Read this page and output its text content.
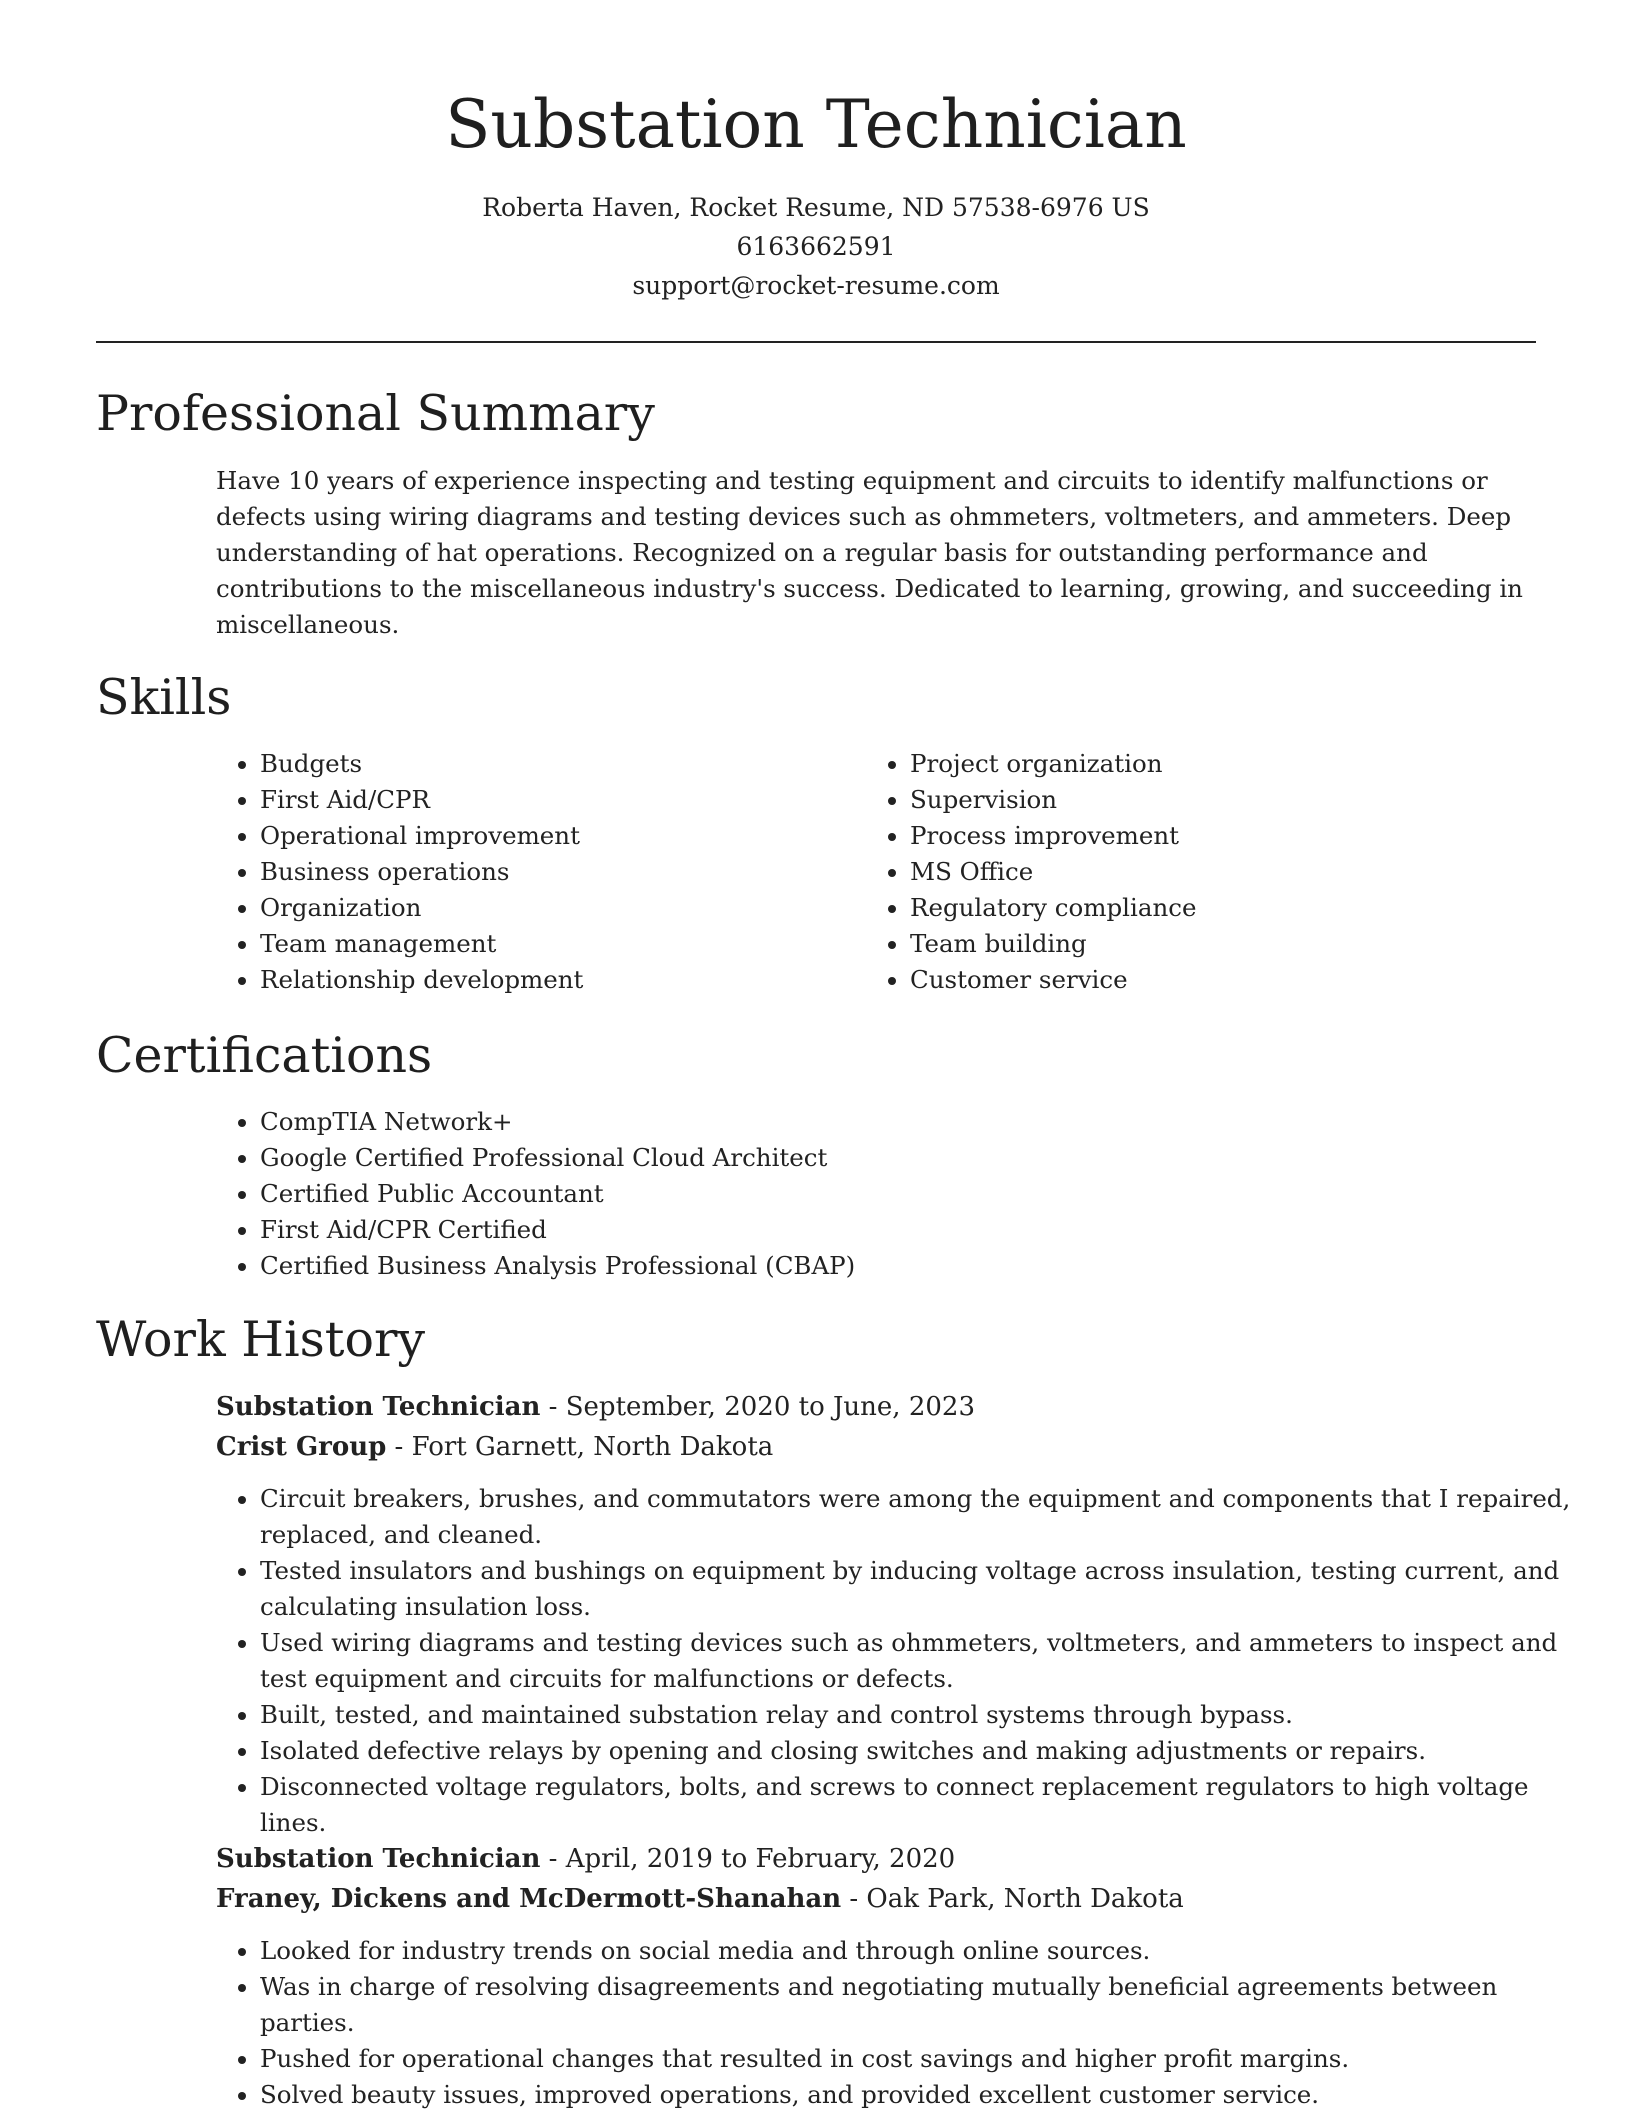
Substation Technician
Roberta Haven, Rocket Resume, ND 57538-6976 US
6163662591
support@rocket-resume.com
Professional Summary

Have 10 years of experience inspecting and testing equipment and circuits to identify malfunctions or defects using wiring diagrams and testing devices such as ohmmeters, voltmeters, and ammeters. Deep understanding of hat operations. Recognized on a regular basis for outstanding performance and contributions to the miscellaneous industry's success. Dedicated to learning, growing, and succeeding in miscellaneous.

Skills
• Budgets
• First Aid/CPR
• Operational improvement
• Business operations
• Organization
• Team management
• Relationship development
• Project organization
• Supervision
• Process improvement
• MS Office
• Regulatory compliance
• Team building
• Customer service
Certifications
• CompTIA Network+
• Google Certified Professional Cloud Architect
• Certified Public Accountant
• First Aid/CPR Certified
• Certified Business Analysis Professional (CBAP)
Work History
Substation Technician - September, 2020 to June, 2023
Crist Group - Fort Garnett, North Dakota
• Circuit breakers, brushes, and commutators were among the equipment and components that I repaired, replaced, and cleaned.
• Tested insulators and bushings on equipment by inducing voltage across insulation, testing current, and calculating insulation loss.
• Used wiring diagrams and testing devices such as ohmmeters, voltmeters, and ammeters to inspect and test equipment and circuits for malfunctions or defects.
• Built, tested, and maintained substation relay and control systems through bypass.
• Isolated defective relays by opening and closing switches and making adjustments or repairs.
• Disconnected voltage regulators, bolts, and screws to connect replacement regulators to high voltage lines.
Substation Technician - April, 2019 to February, 2020
Franey, Dickens and McDermott-Shanahan - Oak Park, North Dakota
• Looked for industry trends on social media and through online sources.
• Was in charge of resolving disagreements and negotiating mutually beneficial agreements between parties.
• Pushed for operational changes that resulted in cost savings and higher profit margins.
• Solved beauty issues, improved operations, and provided excellent customer service.
